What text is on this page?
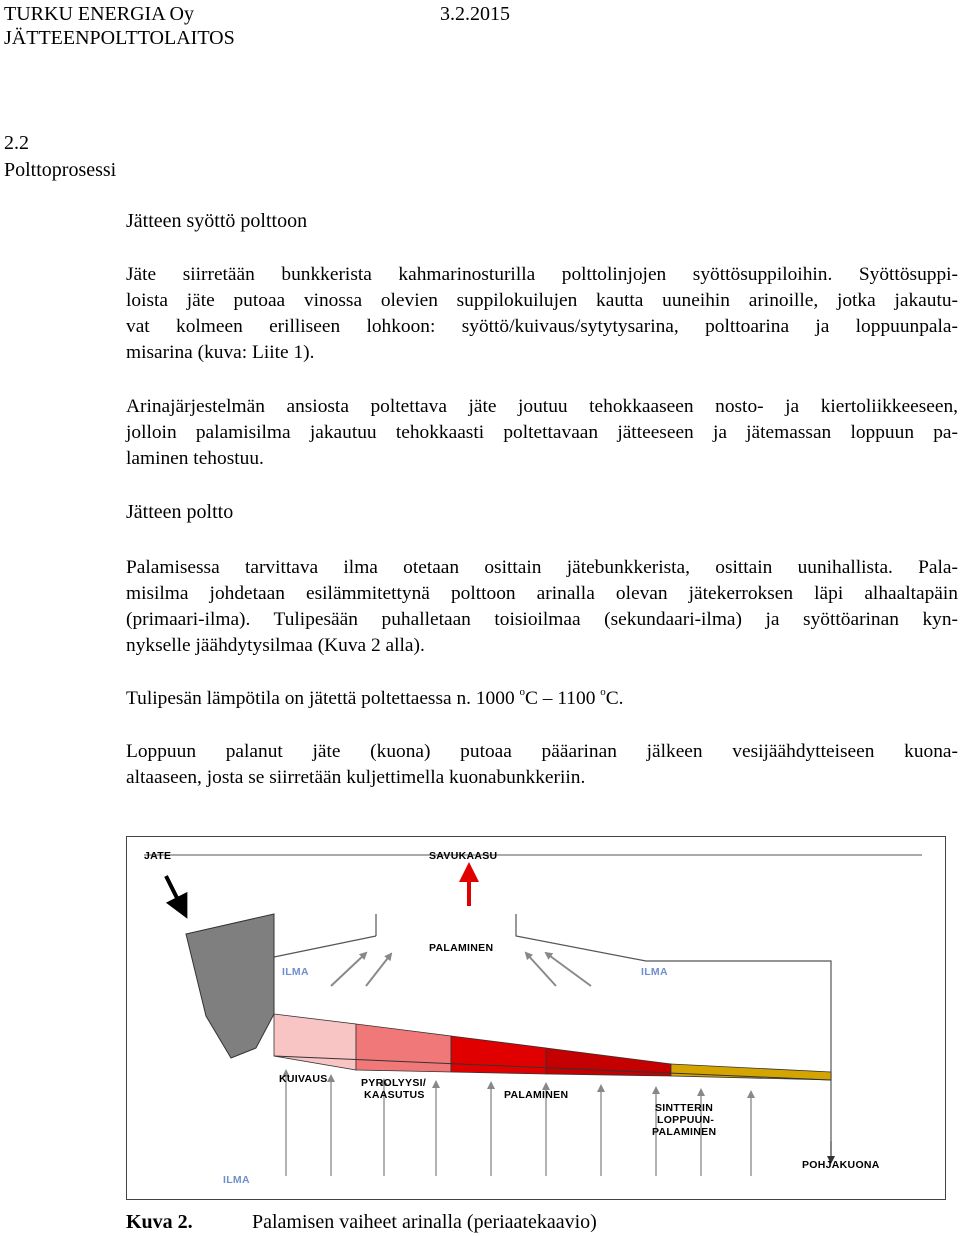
TURKU ENERGIA Oy	3.2.2015
JÄTTEENPOLTTOLAITOS
2.2
Polttoprosessi
Jätteen syöttö polttoon
Jäte siirretään bunkkerista kahmarinosturilla polttolinjojen syöttösuppiloihin. Syöttösuppi-
loista jäte putoaa vinossa olevien suppilokuilujen kautta uuneihin arinoille, jotka jakautu-
vat kolmeen erilliseen lohkoon: syöttö/kuivaus/sytytysarina, polttoarina ja loppuunpala-
misarina (kuva: Liite 1).
Arinajärjestelmän ansiosta poltettava jäte joutuu tehokkaaseen nosto- ja kiertoliikkeeseen,
jolloin palamisilma jakautuu tehokkaasti poltettavaan jätteeseen ja jätemassan loppuun pa-
laminen tehostuu.
Jätteen poltto
Palamisessa tarvittava ilma otetaan osittain jätebunkkerista, osittain uunihallista. Pala-
misilma johdetaan esilämmitettynä polttoon arinalla olevan jätekerroksen läpi alhaaltapäin
(primaari-ilma). Tulipesään puhalletaan toisioilmaa (sekundaari-ilma) ja syöttöarinan kyn-
nykselle jäähdytysilmaa (Kuva 2 alla).
Tulipesän lämpötila on jätettä poltettaessa n. 1000 $^o$C – 1100 $^o$C.
Loppuun palanut jäte (kuona) putoaa pääarinan jälkeen vesijäähdytteiseen kuona-
altaaseen, josta se siirretään kuljettimella kuonabunkkeriin.
JATE	SAVUKAASU
PALAMINEN
ILMA	ILMA
KUIVAUS	PYROLYYSI/
KAASUTUS	PALAMINEN
SINTTERIN
LOPPUUN-
PALAMINEN
POHJAKUONA
ILMA
Kuva 2.	Palamisen vaiheet arinalla (periaatekaavio)
